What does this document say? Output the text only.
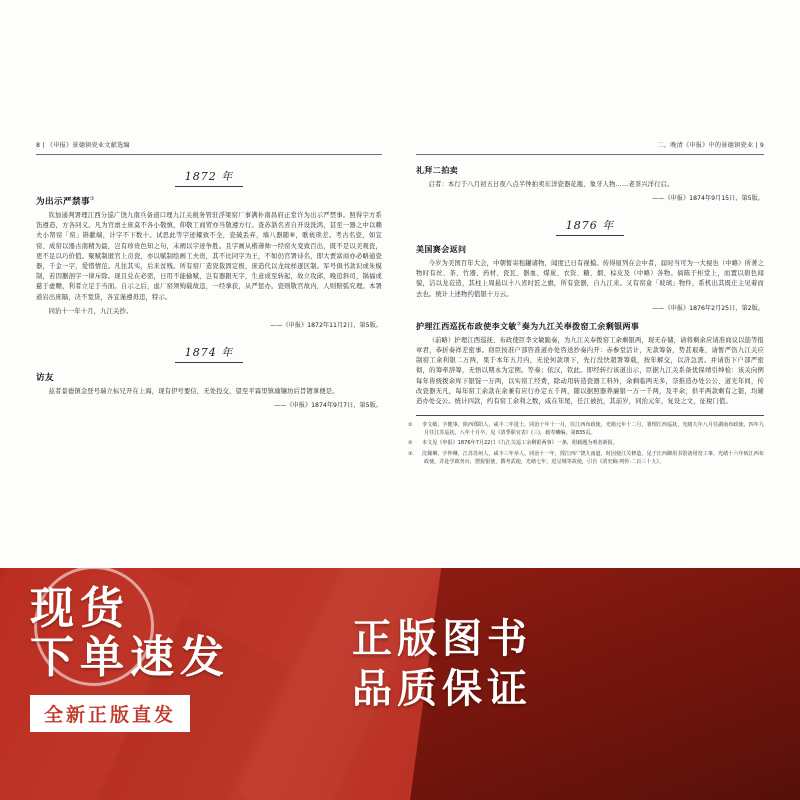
8 | 《申报》景德镇瓷业文献选编
1872 年
为出示严禁事①

钦加通判署理江西分巡广饶九南兵备道口理九江关税务管驻浮梁窑厂事满朴南昌府正堂许为出示严禁事。照得字方系饬遵造，方各同义。凡为官禀士庶莫不各小敬慎，仰敬工商贸亦当敬遵方行。查苏浙名省自开设洗鸿，甚至一器之中以赖夫小帑窑「窑」斟献端，计字不下数十。试思此等字迹耀致不全，瓷破丢弃，墙八器随⑧，歌亵琐差。考古名瓷，如宜窑、成窑以器古南精为最，岂有珍贵色知之句，未阐以字迹争胜。且字画从楷薄帅一经窑火变致百出，既不是以美观瓷，更不足以巧价值。聚赋制匿官上贡瓷，亦以赋制绘画工夫贵，其不比同字为王，不如仍官署诗名，即大贾富商亦必略通瓷器，千金一字，爱惜情范。凡往其实，后来贫贱。所有窑厂造瓷裁固定极，庶造代以龙纹样逐区制。军号俱书款识或朱模制，若因删剖字一律斥除。现且兑在必需，日用不能输赋，岂有器跟无字，生意成至转起，故立攻邱，晚追斜司，锅福或慈于虚赡，利者立足于当面。自示之后，虑厂窑须殉载故违，一经拿获，从严惩办。瓷则敬官故内，人则赔弧究理。本署道岩出庶隔，决不宽贷，各宜谨遵毋违，特示。

同治十一年十月，九江关抄。

——《申报》1872年11月2日，第5版。

1874 年
访友

兹者景德镇金登号瑞立标兄开在上海，现有伊号要信，无处投交，望至平霖里镇瑜镶坊后旨镀拿便是。

——《申报》1874年9月7日，第5版。

二、晚清《申报》中的景德镇瓷业 | 9
礼拜二拍卖

启者：本行于八月初五日夜八点半钟拍卖东洋瓷器花瓶、象牙人物……老茶兴洋行启。

——《申报》1874年9月15日，第5版。

1876 年
美国赛会返问

今岁为美国百年大会，中朝暂寄租罐诸物，闻度已日有视模。传得厦列在会中者，届时当可为一大视也（中略）所著之物时有丝、茶、竹器、药材、瓷瓦、器血、煤炭、衣资、糖、烟、棕皮及（中略）各物。倘陈于柜堂上，而置以碧色闻貌，洁以龙莅造，其柱上周悬以十八省时匠之旗，所有瓷器，自九江来。又有窑盒「玻璃」物件，系机出其既庄主见着而去也。统计上述物约值银十万云。

——《申报》1876年2月25日，第2版。

护理江西巡抚布政使李文敏②奏为九江关奉拨窑工余剩银两事

（前略）护理江西巡抚、布政使臣李文敏跪奏，为九江关奉拨窑工余剩银两，现无存储，请将剩余应请准商议以筋等报章君，恭折奏祥差密事。窃臣按准户部咨准道办处咨送抄奏内开：赤参堂活计，无款筹备，势甚艰难，请暂严饬九江关应制窑工余利银二万两，果于本年五月内，无论何款项下，先行没快超署筹载，按年解交，以济急需。并请饬下户部严密彻，的筹牵辞筹，无悟以期永为定例。等奏；依汉，钦此。即经转行该道出示，臣据九江关系备优保靖引绅检：该关向例每年皆统拨余库下银锭一万两，以实窑工经费，除动用转造瓷器工料外，余剩临两无多，奈推造办处公公、道光年间，传改瓷器无凡，每年窑工余款在余兼有应行办定五千两，随以据照器养廉银一万一千两，及平余，供平两款剩有之银，均辅造办处交公。统计四款，约有窑工余利之数，咸在年尾，任江被抗，其前岁，同治元年，复设之文，征稅门值。

① 李文敏，字健事，陕西郑阳人，咸丰二年进士，同治十年十一月，任江西布政使，光绪元年十二月，署理江西巡抚，光绪九年八月任湖南布政使，四年九月任江苏巡抚，八年十月卒。见《清季职官表》(三)，载寿鳞编，第835页。

② 本文见《申报》1876年7月22日《九江关巡工余剩银两事》一条，附载题为观者新报。

③ 沈佩琳，字仲琳，江苏苏州人，咸丰三年举人。同治十一年，授江西广饶九南道，时因使江关修造，见于江西御用书馆备用窑工事，光绪十六年转江西布政使，并赴学政务台，摆捉银使，撰考武使，光绪七年，进呈城等故使，引自《清史稿·列传·二百三十九》。

现货
下单速发
全新正版直发
正版图书
品质保证
